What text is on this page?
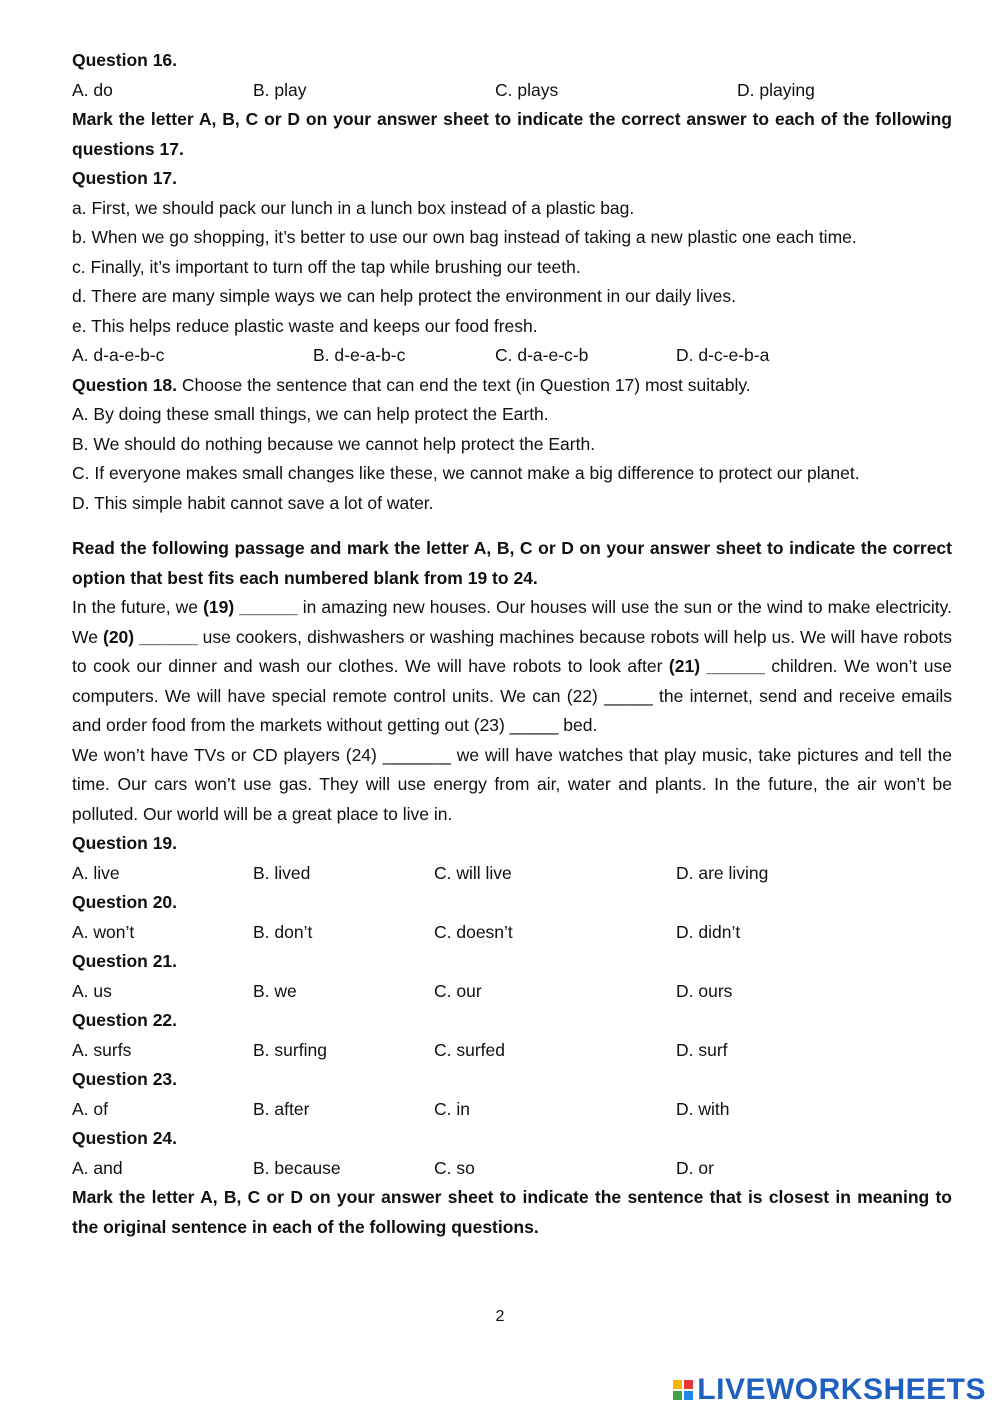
Question 16.
A. do	B. play	C. plays	D. playing
Mark the letter A, B, C or D on your answer sheet to indicate the correct answer to each of the following questions 17.
Question 17.
a. First, we should pack our lunch in a lunch box instead of a plastic bag.
b. When we go shopping, it’s better to use our own bag instead of taking a new plastic one each time.
c. Finally, it’s important to turn off the tap while brushing our teeth.
d. There are many simple ways we can help protect the environment in our daily lives.
e. This helps reduce plastic waste and keeps our food fresh.
A. d-a-e-b-c	B. d-e-a-b-c	C. d-a-e-c-b	D. d-c-e-b-a
Question 18. Choose the sentence that can end the text (in Question 17) most suitably.
A. By doing these small things, we can help protect the Earth.
B. We should do nothing because we cannot help protect the Earth.
C. If everyone makes small changes like these, we cannot make a big difference to protect our planet.
D. This simple habit cannot save a lot of water.
Read the following passage and mark the letter A, B, C or D on your answer sheet to indicate the correct option that best fits each numbered blank from 19 to 24.
In the future, we (19) ______ in amazing new houses. Our houses will use the sun or the wind to make electricity. We (20) ______ use cookers, dishwashers or washing machines because robots will help us. We will have robots to cook our dinner and wash our clothes. We will have robots to look after (21) ______ children. We won’t use computers. We will have special remote control units. We can (22) _____ the internet, send and receive emails and order food from the markets without getting out (23) _____ bed.
We won’t have TVs or CD players (24) _______ we will have watches that play music, take pictures and tell the time. Our cars won’t use gas. They will use energy from air, water and plants. In the future, the air won’t be polluted. Our world will be a great place to live in.
Question 19.
A. live	B. lived	C. will live	D. are living
Question 20.
A. won’t	B. don’t	C. doesn’t	D. didn’t
Question 21.
A. us	B. we	C. our	D. ours
Question 22.
A. surfs	B. surfing	C. surfed	D. surf
Question 23.
A. of	B. after	C. in	D. with
Question 24.
A. and	B. because	C. so	D. or
Mark the letter A, B, C or D on your answer sheet to indicate the sentence that is closest in meaning to the original sentence in each of the following questions.
2
LIVEWORKSHEETS
